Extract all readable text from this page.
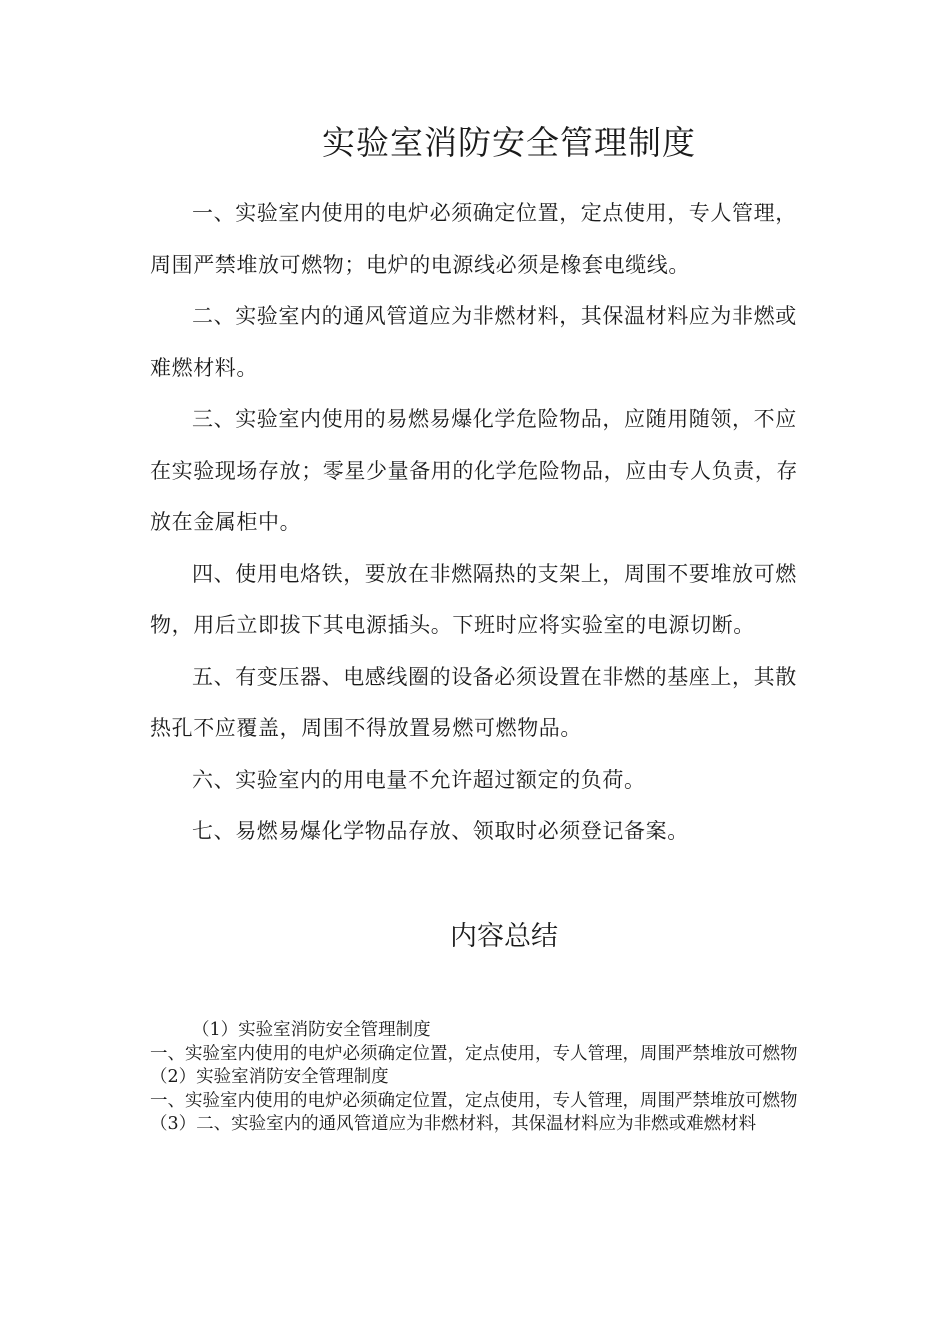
实验室消防安全管理制度

一、实验室内使用的电炉必须确定位置，定点使用，专人管理，周围严禁堆放可燃物；电炉的电源线必须是橡套电缆线。

二、实验室内的通风管道应为非燃材料，其保温材料应为非燃或难燃材料。

三、实验室内使用的易燃易爆化学危险物品，应随用随领，不应在实验现场存放；零星少量备用的化学危险物品，应由专人负责，存放在金属柜中。

四、使用电烙铁，要放在非燃隔热的支架上，周围不要堆放可燃物，用后立即拔下其电源插头。下班时应将实验室的电源切断。

五、有变压器、电感线圈的设备必须设置在非燃的基座上，其散热孔不应覆盖，周围不得放置易燃可燃物品。

六、实验室内的用电量不允许超过额定的负荷。

七、易燃易爆化学物品存放、领取时必须登记备案。

内容总结

（1）实验室消防安全管理制度

一、实验室内使用的电炉必须确定位置，定点使用，专人管理，周围严禁堆放可燃物

（2）实验室消防安全管理制度

一、实验室内使用的电炉必须确定位置，定点使用，专人管理，周围严禁堆放可燃物

（3）二、实验室内的通风管道应为非燃材料，其保温材料应为非燃或难燃材料
